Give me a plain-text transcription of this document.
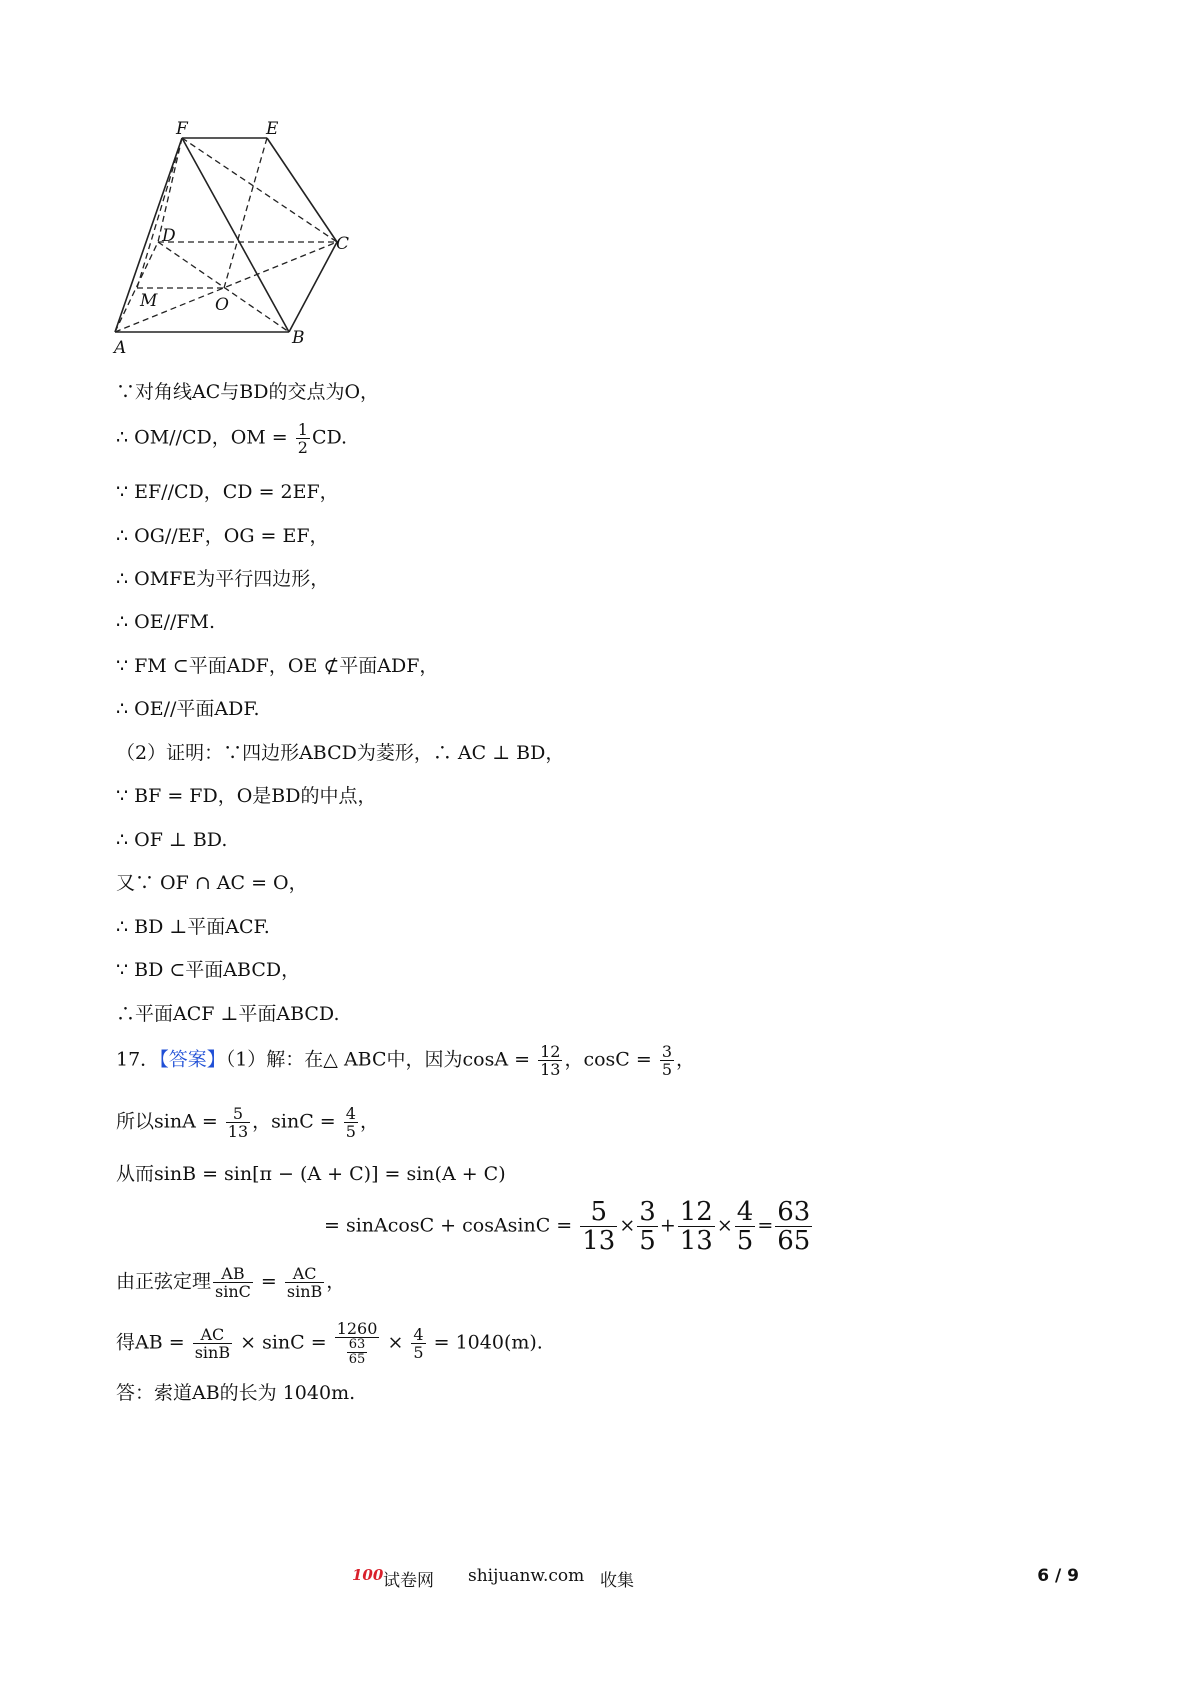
F	E
D	C
M	O
A	B
∵对角线AC与BD的交点为O，
∴ OM//CD，OM = $\frac{1}{2}$ CD.
∵ EF//CD，CD = 2EF，
∴ OG//EF，OG = EF，
∴ OMFE为平行四边形，
∴ OE//FM.
∵ FM ⊂平面ADF，OE ⊄平面ADF，
∴ OE//平面ADF.
（2）证明：∵四边形ABCD为菱形，∴ AC ⊥ BD，
∵ BF = FD，O是BD的中点，
∴ OF ⊥ BD.
又∵ OF ∩ AC = O，
∴ BD ⊥平面ACF.
∵ BD ⊂平面ABCD，
∴平面ACF ⊥平面ABCD.
17．【答案】（1）解：在△ ABC中，因为$\cos A = \frac{12}{13}$ ，$\cos C = \frac{3}{5}$ ，
所以$\sin A = \frac{5}{13}$ ，$\sin C = \frac{4}{5}$ ，
从而sinB = sin[π − (A + C)] = sin(A + C)
= sinAcosC + cosAsinC = $\frac{5}{13} \times \frac{3}{5} + \frac{12}{13} \times \frac{4}{5} = \frac{63}{65}$
由正弦定理 $\frac{AB}{\sin C} = \frac{AC}{\sin B}$ ，
得AB = $\frac{AC}{\sin B} \times \sin C = \frac{1260}{\frac{63}{65}} \times \frac{4}{5} = 1040(m)$.
答：索道AB的长为 1040m.
100 试卷网 shijuanw.com 收集	6 / 9
